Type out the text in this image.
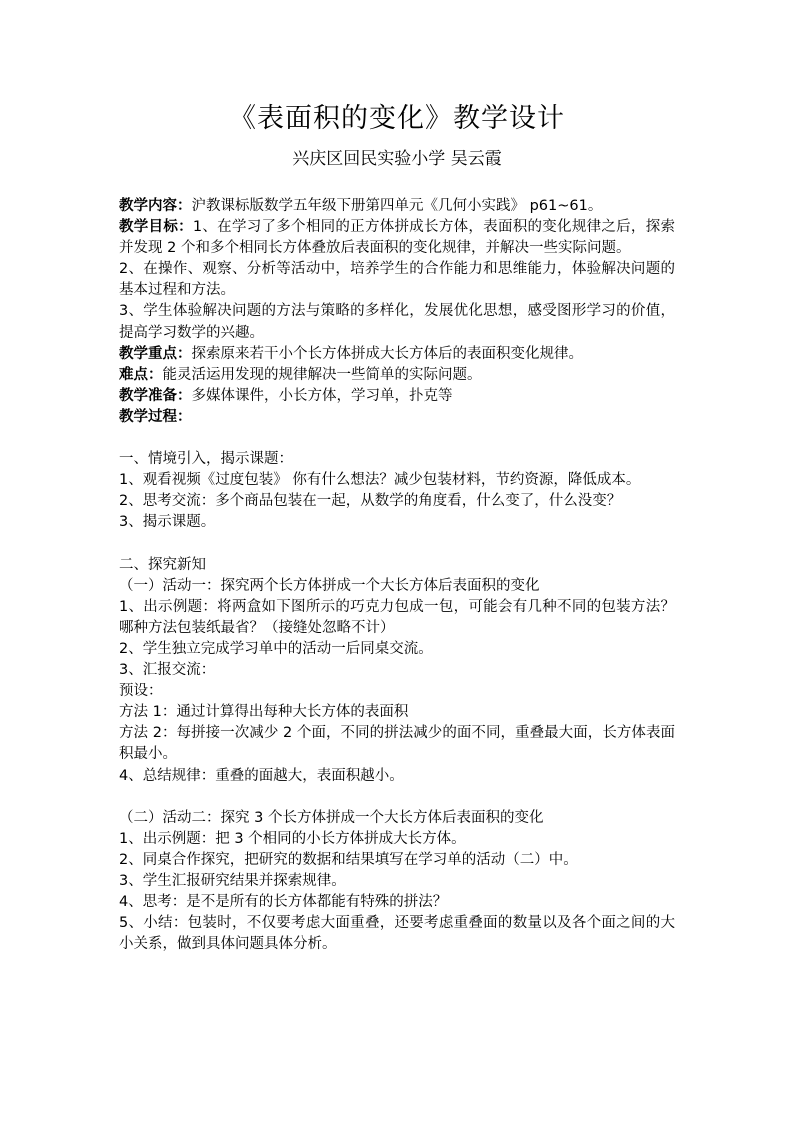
《表面积的变化》教学设计
兴庆区回民实验小学 吴云霞
教学内容：沪教课标版数学五年级下册第四单元《几何小实践》 p61~61。
教学目标：1、在学习了多个相同的正方体拼成长方体，表面积的变化规律之后，探索并发现 2 个和多个相同长方体叠放后表面积的变化规律，并解决一些实际问题。
2、在操作、观察、分析等活动中，培养学生的合作能力和思维能力，体验解决问题的基本过程和方法。
3、学生体验解决问题的方法与策略的多样化，发展优化思想，感受图形学习的价值，提高学习数学的兴趣。
教学重点：探索原来若干小个长方体拼成大长方体后的表面积变化规律。
难点：能灵活运用发现的规律解决一些简单的实际问题。
教学准备：多媒体课件，小长方体，学习单，扑克等
教学过程：
一、情境引入，揭示课题：
1、观看视频《过度包装》 你有什么想法？减少包装材料，节约资源，降低成本。
2、思考交流：多个商品包装在一起，从数学的角度看，什么变了，什么没变？
3、揭示课题。
二、探究新知
（一）活动一：探究两个长方体拼成一个大长方体后表面积的变化
1、出示例题：将两盒如下图所示的巧克力包成一包，可能会有几种不同的包装方法？哪种方法包装纸最省？（接缝处忽略不计）
2、学生独立完成学习单中的活动一后同桌交流。
3、汇报交流：
预设：
方法 1：通过计算得出每种大长方体的表面积
方法 2：每拼接一次减少 2 个面，不同的拼法减少的面不同，重叠最大面，长方体表面积最小。
4、总结规律：重叠的面越大，表面积越小。
（二）活动二：探究 3 个长方体拼成一个大长方体后表面积的变化
1、出示例题：把 3 个相同的小长方体拼成大长方体。
2、同桌合作探究，把研究的数据和结果填写在学习单的活动（二）中。
3、学生汇报研究结果并探索规律。
4、思考：是不是所有的长方体都能有特殊的拼法？
5、小结：包装时，不仅要考虑大面重叠，还要考虑重叠面的数量以及各个面之间的大小关系，做到具体问题具体分析。
